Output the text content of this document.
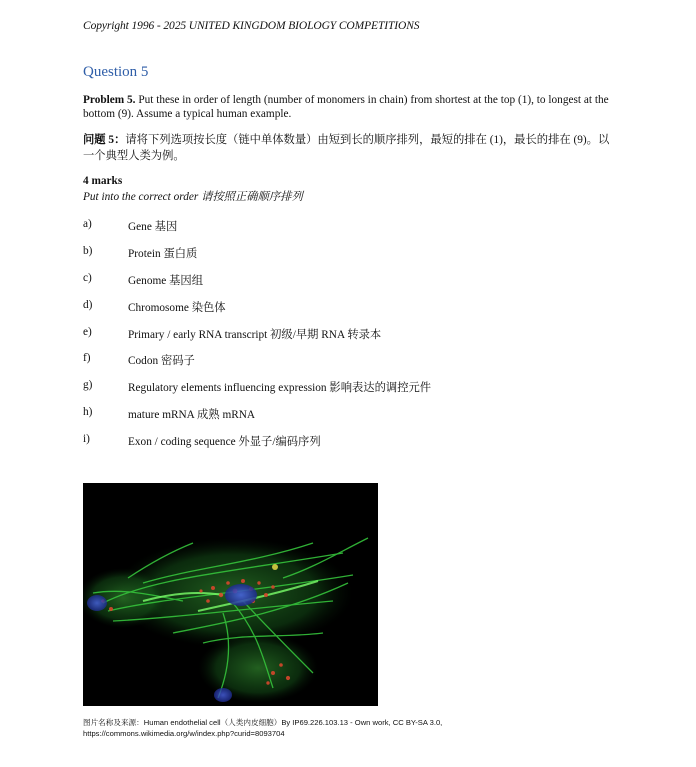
Copyright 1996 - 2025 UNITED KINGDOM BIOLOGY COMPETITIONS
Question 5
Problem 5. Put these in order of length (number of monomers in chain) from shortest at the top (1), to longest at the bottom (9). Assume a typical human example.
问题 5：请将下列选项按长度（链中单体数量）由短到长的顺序排列，最短的排在 (1)，最长的排在 (9)。以一个典型人类为例。
4 marks
Put into the correct order 请按照正确顺序排列
a)	Gene 基因
b)	Protein 蛋白质
c)	Genome 基因组
d)	Chromosome 染色体
e)	Primary / early RNA transcript 初级/早期 RNA 转录本
f)	Codon 密码子
g)	Regulatory elements influencing expression 影响表达的调控元件
h)	mature mRNA 成熟 mRNA
i)	Exon / coding sequence 外显子/编码序列
图片名称及来源：Human endothelial cell（人类内皮细胞）By IP69.226.103.13 - Own work, CC BY-SA 3.0,
https://commons.wikimedia.org/w/index.php?curid=8093704
